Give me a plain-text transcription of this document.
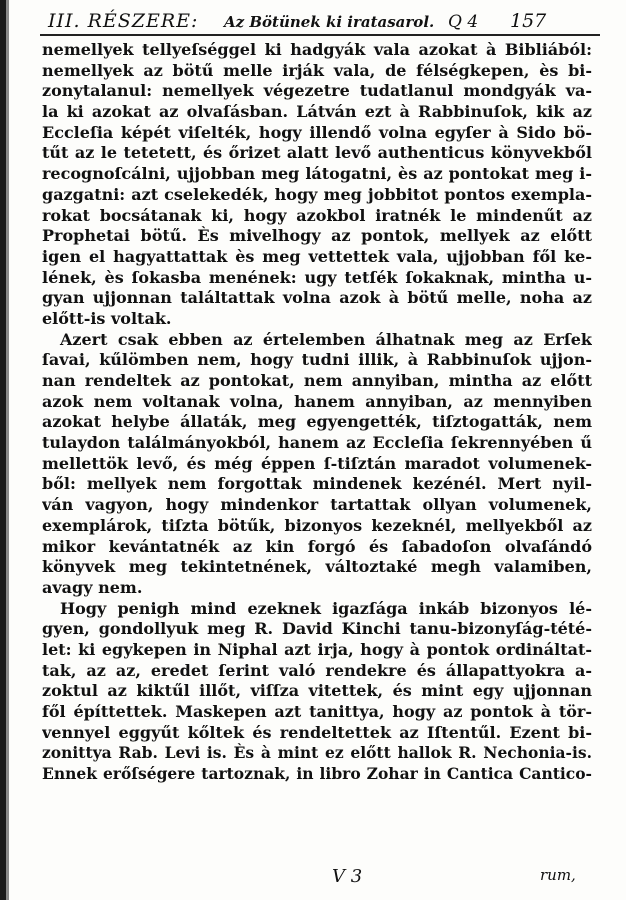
III. RÉSZERE: Az Bötünek ki iratasarol. Q 4 157
nemellyek tellyeſséggel ki hadgyák vala azokat à Bibliából:
nemellyek az bötű melle irják vala, de félségkepen, ès bi-
zonytalanul: nemellyek végezetre tudatlanul mondgyák va-
la ki azokat az olvaſásban. Látván ezt à Rabbinuſok, kik az
Eccleſia képét viſelték, hogy illendő volna egyſer à Sido bö-
tűt az le tetetett, és őrizet alatt levő authenticus könyvekből
recognoſcálni, ujjobban meg látogatni, ès az pontokat meg i-
gazgatni: azt cselekedék, hogy meg jobbitot pontos exempla-
rokat bocsátanak ki, hogy azokbol iratnék le mindenűt az
Prophetai bötű. Ès mivelhogy az pontok, mellyek az előtt
igen el hagyattattak ès meg vettettek vala, ujjobban fől ke-
lének, ès ſokasba menének: ugy tetſék ſokaknak, mintha u-
gyan ujjonnan találtattak volna azok à bötű melle, noha az
előtt-is voltak.
Azert csak ebben az értelemben álhatnak meg az Erſek
ſavai, kűlömben nem, hogy tudni illik, à Rabbinuſok ujjon-
nan rendeltek az pontokat, nem annyiban, mintha az előtt
azok nem voltanak volna, hanem annyiban, az mennyiben
azokat helybe állaták, meg egyengették, tiſztogatták, nem
tulaydon találmányokból, hanem az Eccleſia ſekrennyében ű
mellettök levő, és még éppen ſ-tiſztán maradot volumenek-
ből: mellyek nem forgottak mindenek kezénél. Mert nyil-
ván vagyon, hogy mindenkor tartattak ollyan volumenek,
exemplárok, tiſzta bötűk, bizonyos kezeknél, mellyekből az
mikor kevántatnék az kin forgó és ſabadoſon olvaſándó
könyvek meg tekintetnének, változtaké megh valamiben,
avagy nem.
Hogy penigh mind ezeknek igazſága inkáb bizonyos lé-
gyen, gondollyuk meg R. David Kinchi tanu-bizonyſág-tété-
let: ki egykepen in Niphal azt irja, hogy à pontok ordináltat-
tak, az az, eredet ſerint való rendekre és állapattyokra a-
zoktul az kiktűl illőt, viſſza vitettek, és mint egy ujjonnan
fől építtettek. Maskepen azt tanittya, hogy az pontok à tör-
vennyel eggyűt kőltek és rendeltettek az Iſtentűl. Ezent bi-
zonittya Rab. Levi is. Ès à mint ez előtt hallok R. Nechonia-is.
Ennek erőſségere tartoznak, in libro Zohar in Cantica Cantico-
V 3	rum,
